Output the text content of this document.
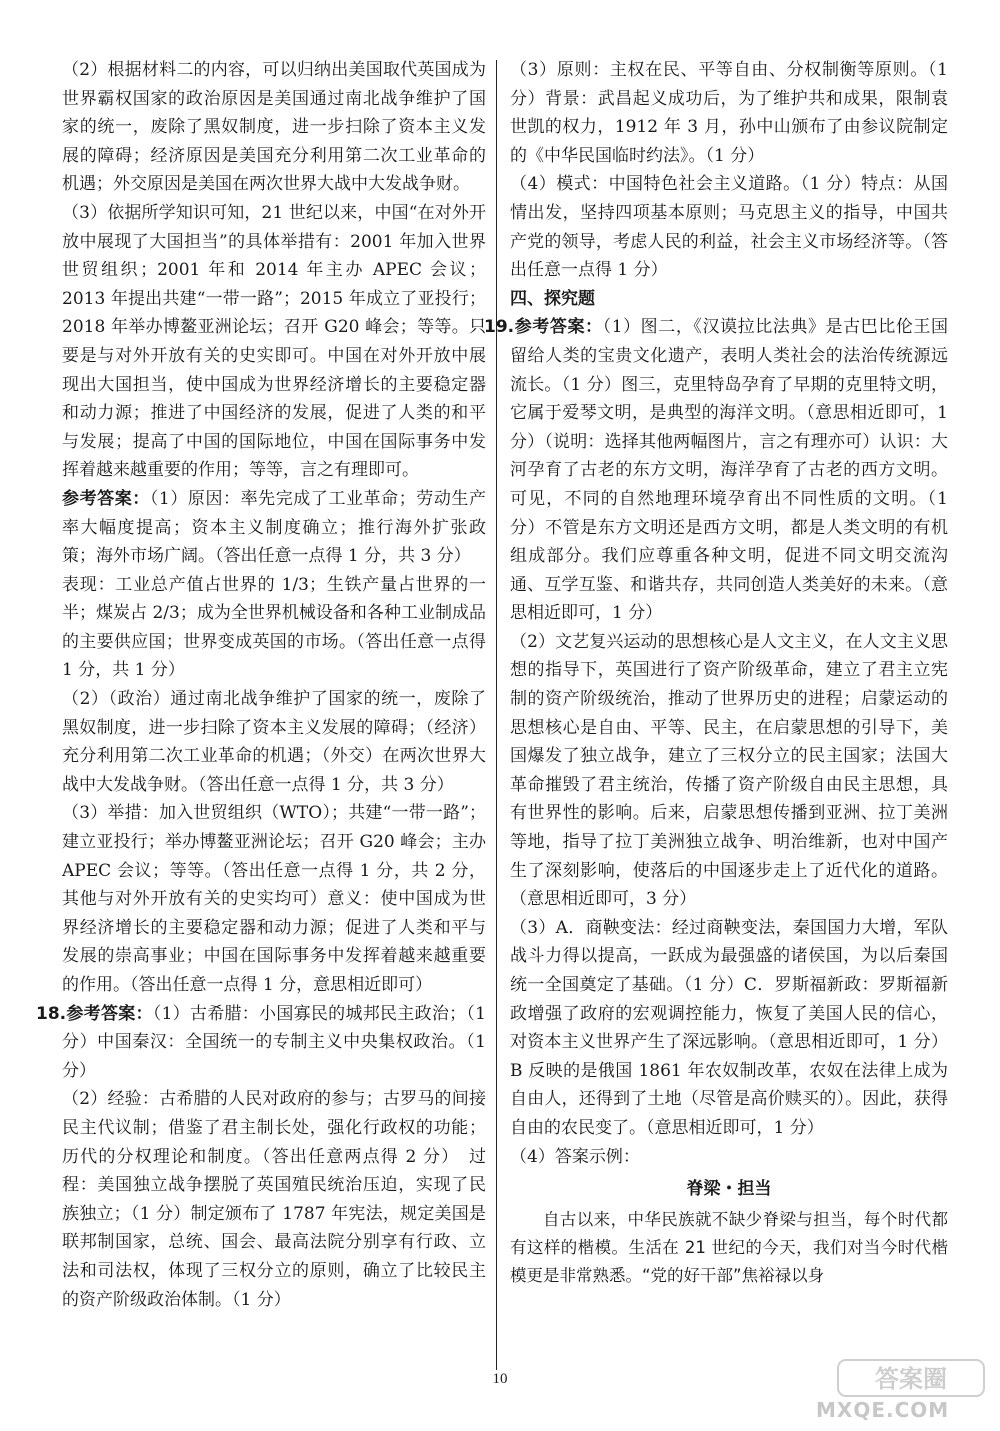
（2）根据材料二的内容，可以归纳出美国取代英国成为世界霸权国家的政治原因是美国通过南北战争维护了国家的统一，废除了黑奴制度，进一步扫除了资本主义发展的障碍；经济原因是美国充分利用第二次工业革命的机遇；外交原因是美国在两次世界大战中大发战争财。

（3）依据所学知识可知，21 世纪以来，中国“在对外开放中展现了大国担当”的具体举措有：2001 年加入世界世贸组织；2001 年和 2014 年主办 APEC 会议；2013 年提出共建“一带一路”；2015 年成立了亚投行；2018 年举办博鳌亚洲论坛；召开 G20 峰会；等等。只要是与对外开放有关的史实即可。中国在对外开放中展现出大国担当，使中国成为世界经济增长的主要稳定器和动力源；推进了中国经济的发展，促进了人类的和平与发展；提高了中国的国际地位，中国在国际事务中发挥着越来越重要的作用；等等，言之有理即可。

参考答案：（1）原因：率先完成了工业革命；劳动生产率大幅度提高；资本主义制度确立；推行海外扩张政策；海外市场广阔。（答出任意一点得 1 分，共 3 分）

表现：工业总产值占世界的 1/3；生铁产量占世界的一半；煤炭占 2/3；成为全世界机械设备和各种工业制成品的主要供应国；世界变成英国的市场。（答出任意一点得 1 分，共 1 分）

（2）（政治）通过南北战争维护了国家的统一，废除了黑奴制度，进一步扫除了资本主义发展的障碍；（经济）充分利用第二次工业革命的机遇；（外交）在两次世界大战中大发战争财。（答出任意一点得 1 分，共 3 分）

（3）举措：加入世贸组织（WTO）；共建“一带一路”；建立亚投行；举办博鳌亚洲论坛；召开 G20 峰会；主办 APEC 会议；等等。（答出任意一点得 1 分，共 2 分，其他与对外开放有关的史实均可）意义：使中国成为世界经济增长的主要稳定器和动力源；促进了人类和平与发展的崇高事业；中国在国际事务中发挥着越来越重要的作用。（答出任意一点得 1 分，意思相近即可）

18.参考答案：（1）古希腊：小国寡民的城邦民主政治；（1 分）中国秦汉：全国统一的专制主义中央集权政治。（1 分）

（2）经验：古希腊的人民对政府的参与；古罗马的间接民主代议制；借鉴了君主制长处，强化行政权的功能；历代的分权理论和制度。（答出任意两点得 2 分）　过程：美国独立战争摆脱了英国殖民统治压迫，实现了民族独立；（1 分）制定颁布了 1787 年宪法，规定美国是联邦制国家，总统、国会、最高法院分别享有行政、立法和司法权，体现了三权分立的原则，确立了比较民主的资产阶级政治体制。（1 分）

（3）原则：主权在民、平等自由、分权制衡等原则。（1 分）背景：武昌起义成功后，为了维护共和成果，限制袁世凯的权力，1912 年 3 月，孙中山颁布了由参议院制定的《中华民国临时约法》。（1 分）

（4）模式：中国特色社会主义道路。（1 分）特点：从国情出发，坚持四项基本原则；马克思主义的指导，中国共产党的领导，考虑人民的利益，社会主义市场经济等。（答出任意一点得 1 分）

四、探究题

19.参考答案：（1）图二，《汉谟拉比法典》是古巴比伦王国留给人类的宝贵文化遗产，表明人类社会的法治传统源远流长。（1 分）图三，克里特岛孕育了早期的克里特文明，它属于爱琴文明，是典型的海洋文明。（意思相近即可，1 分）（说明：选择其他两幅图片，言之有理亦可）认识：大河孕育了古老的东方文明，海洋孕育了古老的西方文明。可见，不同的自然地理环境孕育出不同性质的文明。（1 分）不管是东方文明还是西方文明，都是人类文明的有机组成部分。我们应尊重各种文明，促进不同文明交流沟通、互学互鉴、和谐共存，共同创造人类美好的未来。（意思相近即可，1 分）

（2）文艺复兴运动的思想核心是人文主义，在人文主义思想的指导下，英国进行了资产阶级革命，建立了君主立宪制的资产阶级统治，推动了世界历史的进程；启蒙运动的思想核心是自由、平等、民主，在启蒙思想的引导下，美国爆发了独立战争，建立了三权分立的民主国家；法国大革命摧毁了君主统治，传播了资产阶级自由民主思想，具有世界性的影响。后来，启蒙思想传播到亚洲、拉丁美洲等地，指导了拉丁美洲独立战争、明治维新，也对中国产生了深刻影响，使落后的中国逐步走上了近代化的道路。（意思相近即可，3 分）

（3）A．商鞅变法：经过商鞅变法，秦国国力大增，军队战斗力得以提高，一跃成为最强盛的诸侯国，为以后秦国统一全国奠定了基础。（1 分）C．罗斯福新政：罗斯福新政增强了政府的宏观调控能力，恢复了美国人民的信心，对资本主义世界产生了深远影响。（意思相近即可，1 分）B 反映的是俄国 1861 年农奴制改革，农奴在法律上成为自由人，还得到了土地（尽管是高价赎买的）。因此，获得自由的农民变了。（意思相近即可，1 分）

（4）答案示例：

脊梁・担当

自古以来，中华民族就不缺少脊梁与担当，每个时代都有这样的楷模。生活在 21 世纪的今天，我们对当今时代楷模更是非常熟悉。“党的好干部”焦裕禄以身

10	答案圈
MXQE.COM
